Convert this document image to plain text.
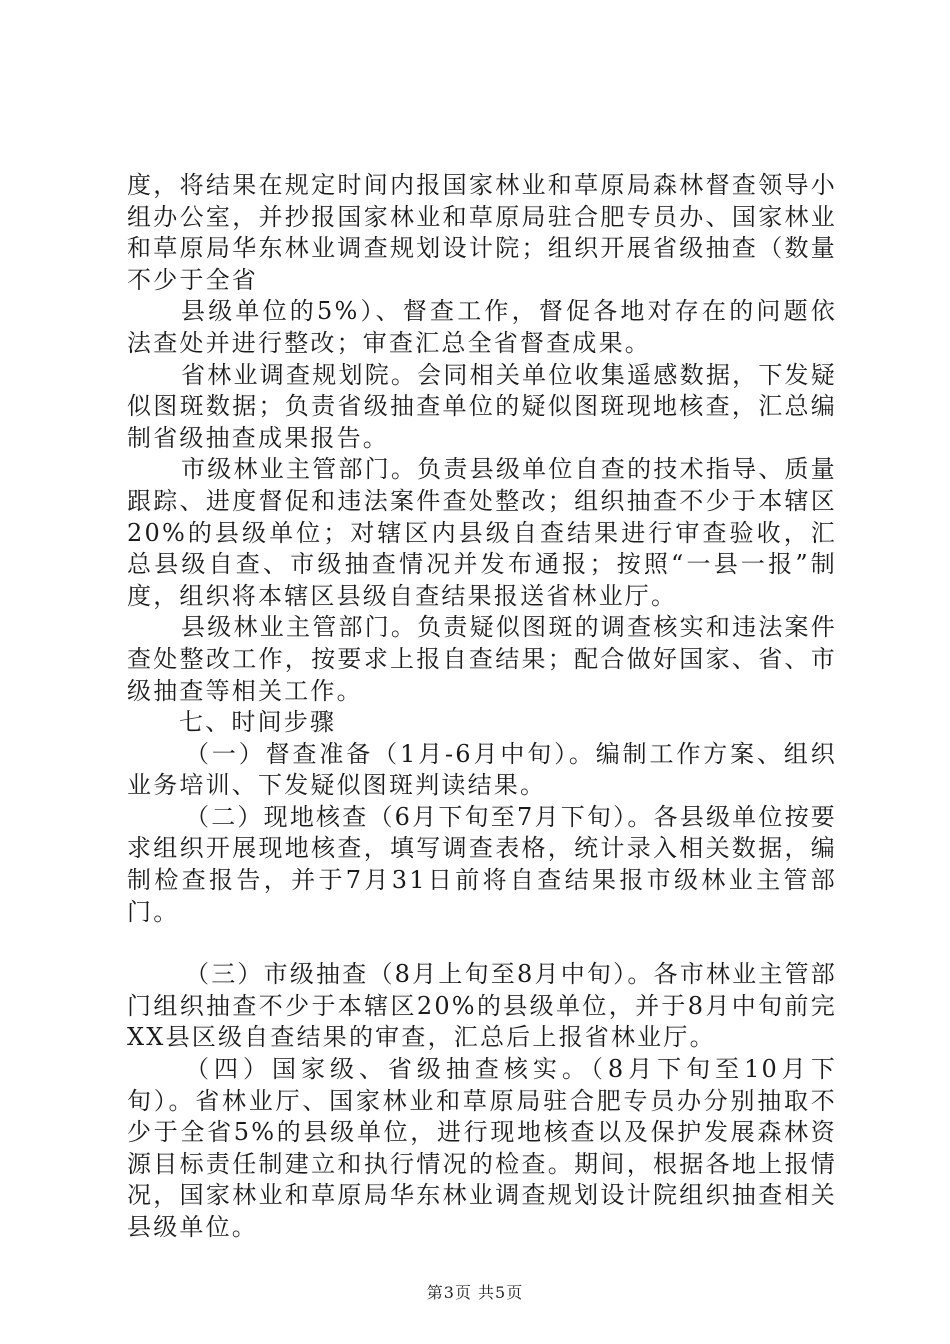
度，将结果在规定时间内报国家林业和草原局森林督查领导小组办公室，并抄报国家林业和草原局驻合肥专员办、国家林业和草原局华东林业调查规划设计院；组织开展省级抽查（数量不少于全省

县级单位的5%）、督查工作，督促各地对存在的问题依法查处并进行整改；审查汇总全省督查成果。

省林业调查规划院。会同相关单位收集遥感数据，下发疑似图斑数据；负责省级抽查单位的疑似图斑现地核查，汇总编制省级抽查成果报告。

市级林业主管部门。负责县级单位自查的技术指导、质量跟踪、进度督促和违法案件查处整改；组织抽查不少于本辖区20%的县级单位；对辖区内县级自查结果进行审查验收，汇总县级自查、市级抽查情况并发布通报；按照“一县一报”制度，组织将本辖区县级自查结果报送省林业厅。

县级林业主管部门。负责疑似图斑的调查核实和违法案件查处整改工作，按要求上报自查结果；配合做好国家、省、市级抽查等相关工作。

七、时间步骤

（一）督查准备（1月-6月中旬）。编制工作方案、组织业务培训、下发疑似图斑判读结果。

（二）现地核查（6月下旬至7月下旬）。各县级单位按要求组织开展现地核查，填写调查表格，统计录入相关数据，编制检查报告，并于7月31日前将自查结果报市级林业主管部门。

（三）市级抽查（8月上旬至8月中旬）。各市林业主管部门组织抽查不少于本辖区20%的县级单位，并于8月中旬前完XX县区级自查结果的审查，汇总后上报省林业厅。

（四）国家级、省级抽查核实。（8月下旬至10月下旬）。省林业厅、国家林业和草原局驻合肥专员办分别抽取不少于全省5%的县级单位，进行现地核查以及保护发展森林资源目标责任制建立和执行情况的检查。期间，根据各地上报情况，国家林业和草原局华东林业调查规划设计院组织抽查相关县级单位。

第3页 共5页
